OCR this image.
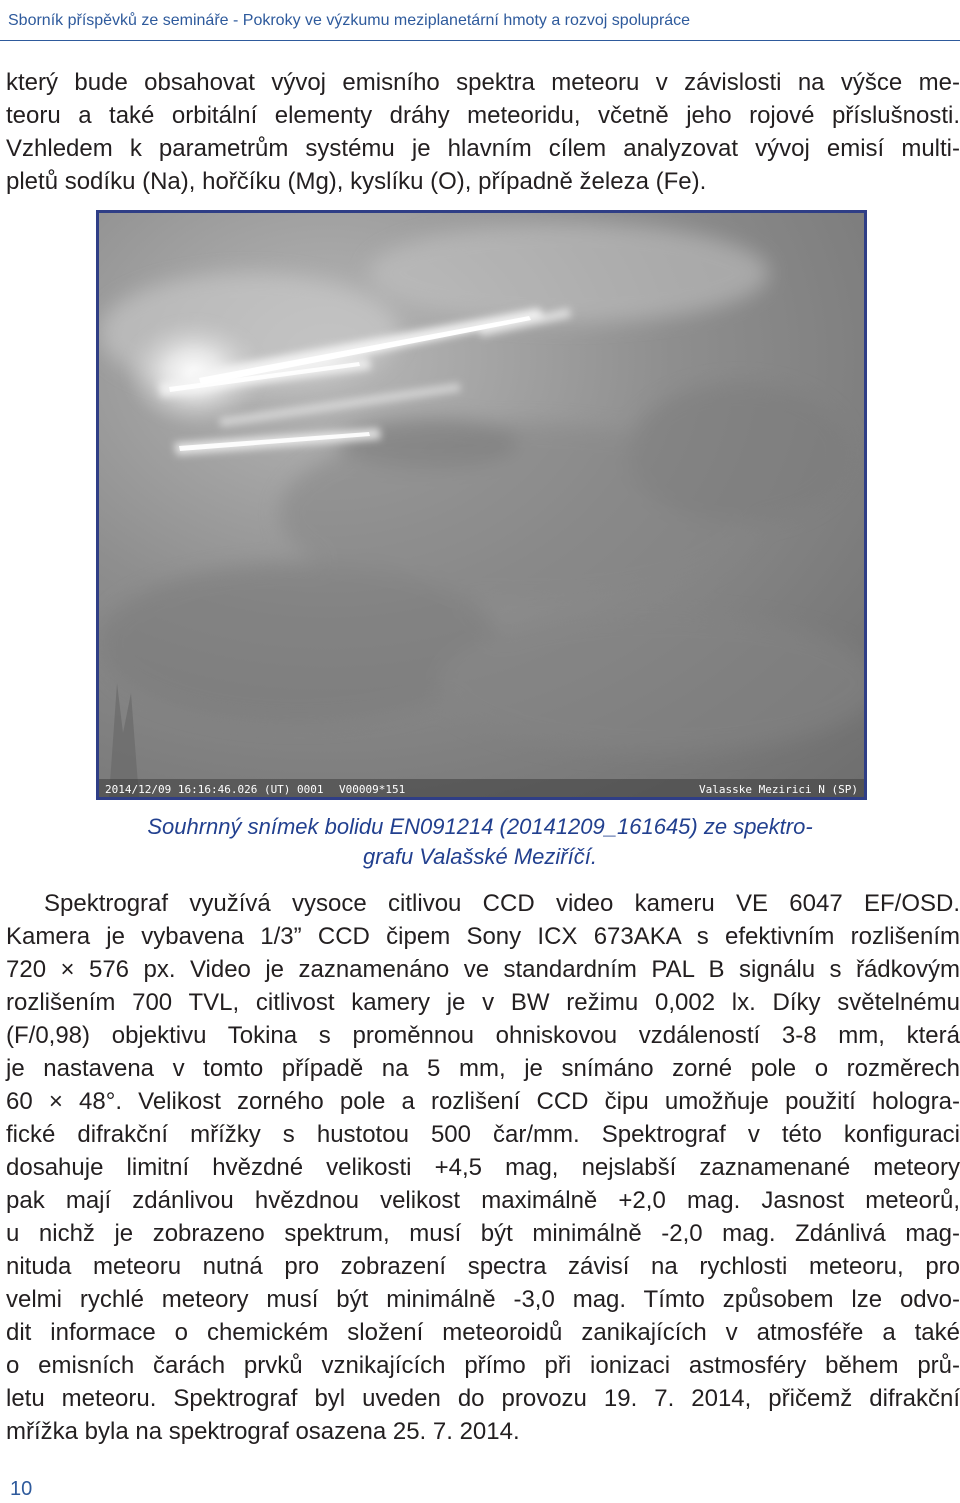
Sborník příspěvků ze semináře - Pokroky ve výzkumu meziplanetární hmoty a rozvoj spolupráce

který bude obsahovat vývoj emisního spektra meteoru v závislosti na výšce me-
teoru a také orbitální elementy dráhy meteoridu, včetně jeho rojové příslušnosti.
Vzhledem k parametrům systému je hlavním cílem analyzovat vývoj emisí multi-
pletů sodíku (Na), hořčíku (Mg), kyslíku (O), případně železa (Fe).

2014/12/09 16:16:46.026 (UT) 0001 V00009*151	Valasske Mezirici N (SP)

Souhrnný snímek bolidu EN091214 (20141209_161645) ze spektro-
grafu Valašské Meziříčí.

Spektrograf využívá vysoce citlivou CCD video kameru VE 6047 EF/OSD.
Kamera je vybavena 1/3” CCD čipem Sony ICX 673AKA s efektivním rozlišením
720 × 576 px. Video je zaznamenáno ve standardním PAL B signálu s řádkovým
rozlišením 700 TVL, citlivost kamery je v BW režimu 0,002 lx. Díky světelnému
(F/0,98) objektivu Tokina s proměnnou ohniskovou vzdáleností 3-8 mm, která
je nastavena v tomto případě na 5 mm, je snímáno zorné pole o rozměrech
60 × 48°. Velikost zorného pole a rozlišení CCD čipu umožňuje použití hologra-
fické difrakční mřížky s hustotou 500 čar/mm. Spektrograf v této konfiguraci
dosahuje limitní hvězdné velikosti +4,5 mag, nejslabší zaznamenané meteory
pak mají zdánlivou hvězdnou velikost maximálně +2,0 mag. Jasnost meteorů,
u nichž je zobrazeno spektrum, musí být minimálně -2,0 mag. Zdánlivá mag-
nituda meteoru nutná pro zobrazení spectra závisí na rychlosti meteoru, pro
velmi rychlé meteory musí být minimálně -3,0 mag. Tímto způsobem lze odvo-
dit informace o chemickém složení meteoroidů zanikajících v atmosféře a také
o emisních čarách prvků vznikajících přímo při ionizaci astmosféry během prů-
letu meteoru. Spektrograf byl uveden do provozu 19. 7. 2014, přičemž difrakční
mřížka byla na spektrograf osazena 25. 7. 2014.

10
